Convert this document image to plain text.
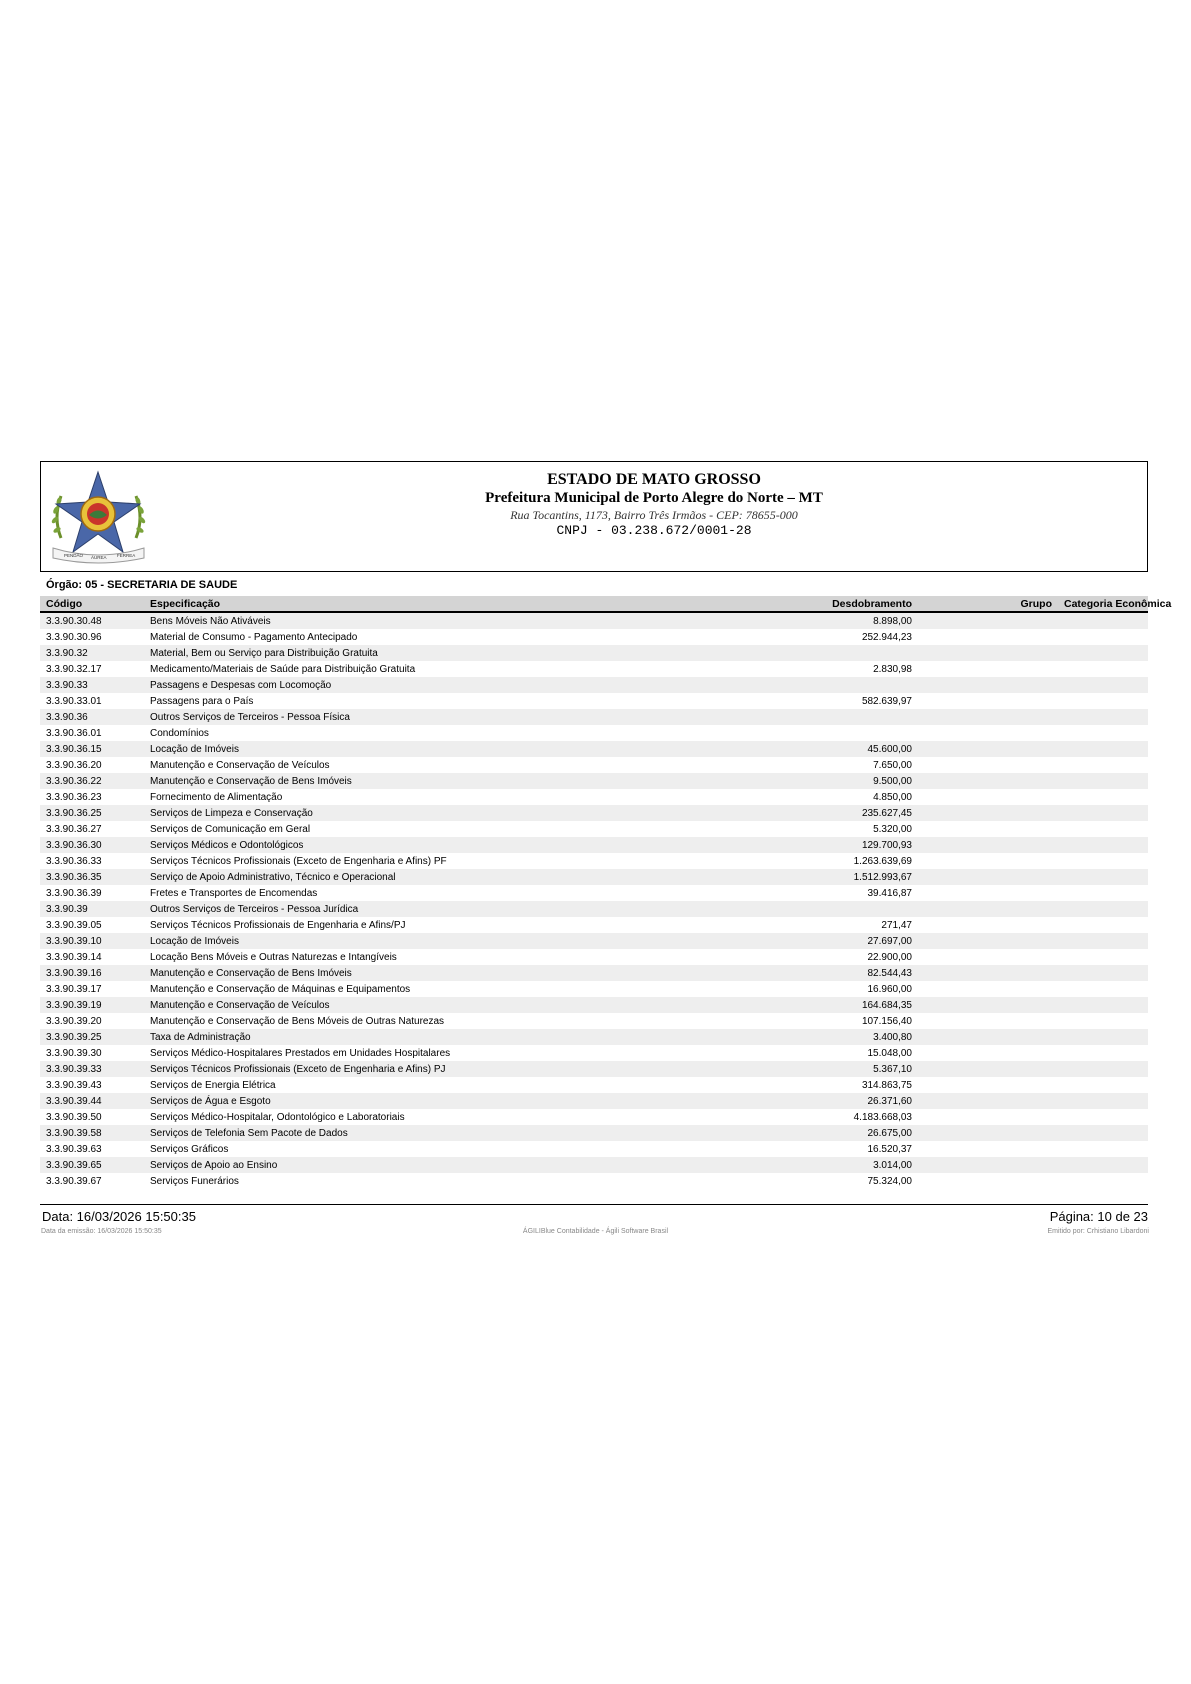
PENDÃO ÁUREA FERREA
ESTADO DE MATO GROSSO
Prefeitura Municipal de Porto Alegre do Norte – MT
Rua Tocantins, 1173, Bairro Três Irmãos - CEP: 78655-000
CNPJ - 03.238.672/0001-28
Órgão: 05 - SECRETARIA DE SAUDE
Código	Especificação	Desdobramento	Grupo	Categoria Econômica
3.3.90.30.48	Bens Móveis Não Ativáveis	8.898,00		
3.3.90.30.96	Material de Consumo - Pagamento Antecipado	252.944,23		
3.3.90.32	Material, Bem ou Serviço para Distribuição Gratuita			
3.3.90.32.17	Medicamento/Materiais de Saúde para Distribuição Gratuita	2.830,98		
3.3.90.33	Passagens e Despesas com Locomoção			
3.3.90.33.01	Passagens para o País	582.639,97		
3.3.90.36	Outros Serviços de Terceiros - Pessoa Física			
3.3.90.36.01	Condomínios			
3.3.90.36.15	Locação de Imóveis	45.600,00		
3.3.90.36.20	Manutenção e Conservação de Veículos	7.650,00		
3.3.90.36.22	Manutenção e Conservação de Bens Imóveis	9.500,00		
3.3.90.36.23	Fornecimento de Alimentação	4.850,00		
3.3.90.36.25	Serviços de Limpeza e Conservação	235.627,45		
3.3.90.36.27	Serviços de Comunicação em Geral	5.320,00		
3.3.90.36.30	Serviços Médicos e Odontológicos	129.700,93		
3.3.90.36.33	Serviços Técnicos Profissionais (Exceto de Engenharia e Afins) PF	1.263.639,69		
3.3.90.36.35	Serviço de Apoio Administrativo, Técnico e Operacional	1.512.993,67		
3.3.90.36.39	Fretes e Transportes de Encomendas	39.416,87		
3.3.90.39	Outros Serviços de Terceiros - Pessoa Jurídica			
3.3.90.39.05	Serviços Técnicos Profissionais de Engenharia e Afins/PJ	271,47		
3.3.90.39.10	Locação de Imóveis	27.697,00		
3.3.90.39.14	Locação Bens Móveis e Outras Naturezas e Intangíveis	22.900,00		
3.3.90.39.16	Manutenção e Conservação de Bens Imóveis	82.544,43		
3.3.90.39.17	Manutenção e Conservação de Máquinas e Equipamentos	16.960,00		
3.3.90.39.19	Manutenção e Conservação de Veículos	164.684,35		
3.3.90.39.20	Manutenção e Conservação de Bens Móveis de Outras Naturezas	107.156,40		
3.3.90.39.25	Taxa de Administração	3.400,80		
3.3.90.39.30	Serviços Médico-Hospitalares Prestados em Unidades Hospitalares	15.048,00		
3.3.90.39.33	Serviços Técnicos Profissionais (Exceto de Engenharia e Afins) PJ	5.367,10		
3.3.90.39.43	Serviços de Energia Elétrica	314.863,75		
3.3.90.39.44	Serviços de Água e Esgoto	26.371,60		
3.3.90.39.50	Serviços Médico-Hospitalar, Odontológico e Laboratoriais	4.183.668,03		
3.3.90.39.58	Serviços de Telefonia Sem Pacote de Dados	26.675,00		
3.3.90.39.63	Serviços Gráficos	16.520,37		
3.3.90.39.65	Serviços de Apoio ao Ensino	3.014,00		
3.3.90.39.67	Serviços Funerários	75.324,00		
Data: 16/03/2026 15:50:35	Página: 10 de 23
Data da emissão: 16/03/2026 15:50:35	ÁGILIBlue Contabilidade - Ágili Software Brasil	Emitido por: Crhistiano Libardoni
